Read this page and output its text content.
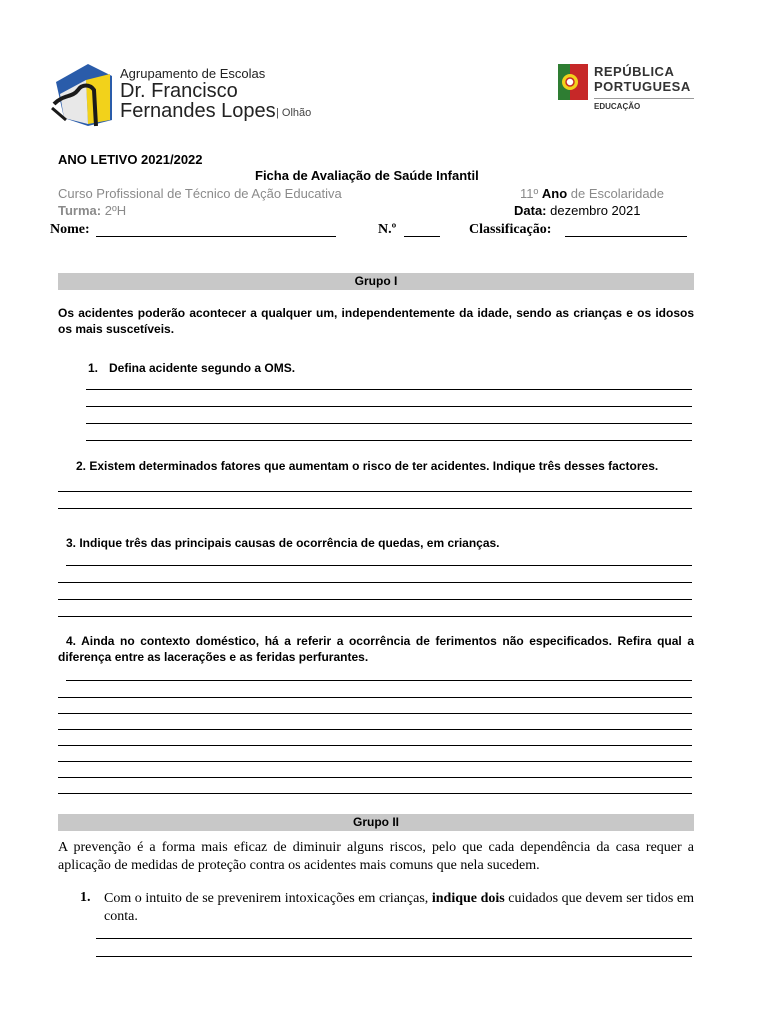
Agrupamento de Escolas
Dr. Francisco
Fernandes Lopes | Olhão
REPÚBLICA
PORTUGUESA
EDUCAÇÃO
ANO LETIVO 2021/2022
Ficha de Avaliação de Saúde Infantil
Curso Profissional de Técnico de Ação Educativa	11º Ano de Escolaridade
Turma: 2ºH	Data: dezembro 2021
Nome:	N.º	Classificação:
Grupo I
Os acidentes poderão acontecer a qualquer um, independentemente da idade, sendo as crianças e os idosos os mais suscetíveis.
1. Defina acidente segundo a OMS.
2. Existem determinados fatores que aumentam o risco de ter acidentes. Indique três desses factores.
3. Indique três das principais causas de ocorrência de quedas, em crianças.
4. Ainda no contexto doméstico, há a referir a ocorrência de ferimentos não especificados. Refira qual a diferença entre as lacerações e as feridas perfurantes.
Grupo II
A prevenção é a forma mais eficaz de diminuir alguns riscos, pelo que cada dependência da casa requer a aplicação de medidas de proteção contra os acidentes mais comuns que nela sucedem.
1. Com o intuito de se prevenirem intoxicações em crianças, indique dois cuidados que devem ser tidos em conta.
